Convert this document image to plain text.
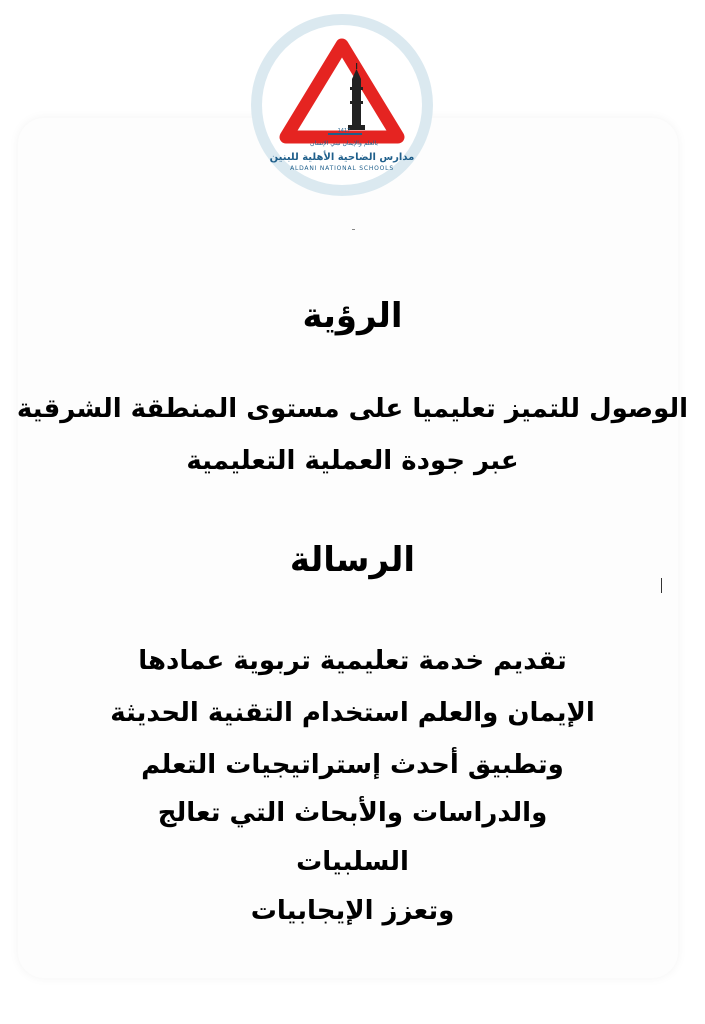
1417
بالعلم والإيمان نبني الإنسان
مدارس الضاحية الأهلية للبنين
ALDANI NATIONAL SCHOOLS
الرؤية
الوصول للتميز تعليميا على مستوى المنطقة الشرقية
عبر جودة العملية التعليمية
الرسالة
تقديم خدمة تعليمية تربوية عمادها
الإيمان والعلم استخدام التقنية الحديثة
وتطبيق أحدث إستراتيجيات التعلم
والدراسات والأبحاث التي تعالج
السلبيات
وتعزز الإيجابيات
